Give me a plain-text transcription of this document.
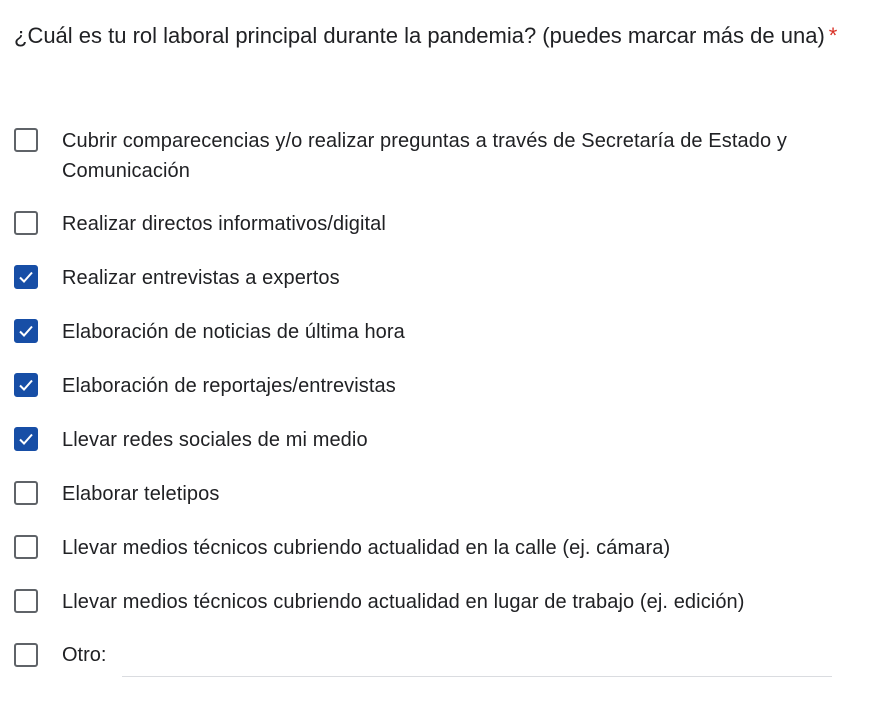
¿Cuál es tu rol laboral principal durante la pandemia? (puedes marcar más de una) *
Cubrir comparecencias y/o realizar preguntas a través de Secretaría de Estado y Comunicación
Realizar directos informativos/digital
Realizar entrevistas a expertos
Elaboración de noticias de última hora
Elaboración de reportajes/entrevistas
Llevar redes sociales de mi medio
Elaborar teletipos
Llevar medios técnicos cubriendo actualidad en la calle (ej. cámara)
Llevar medios técnicos cubriendo actualidad en lugar de trabajo (ej. edición)
Otro:
